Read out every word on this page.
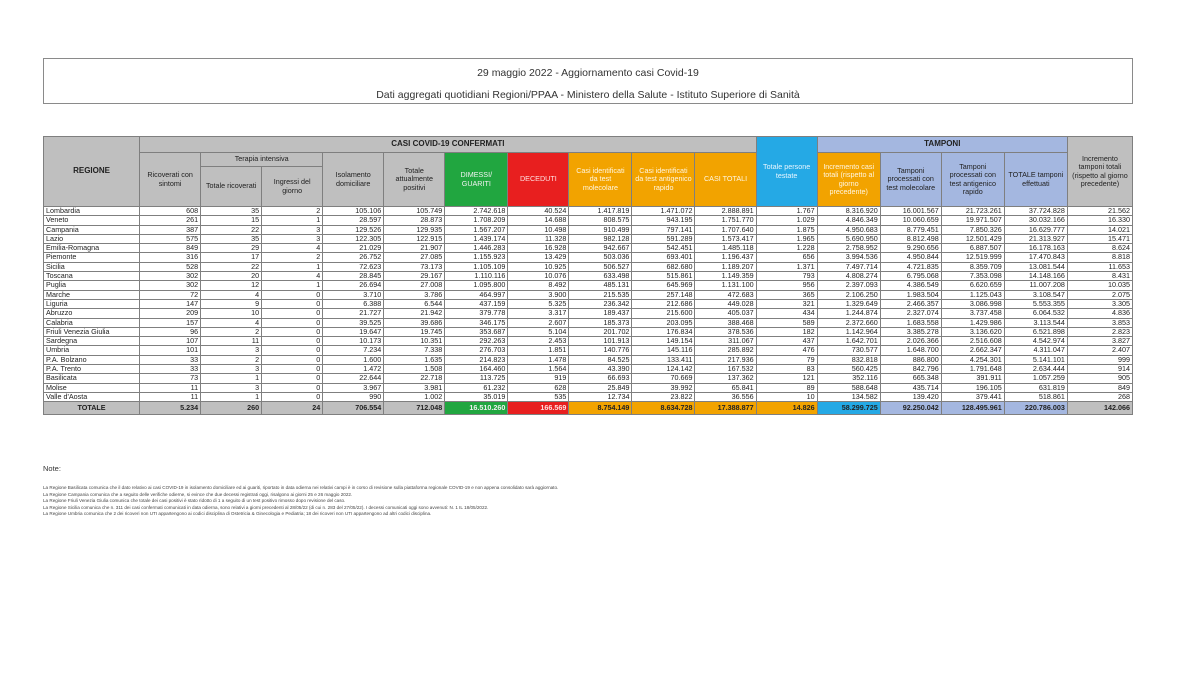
29 maggio 2022 - Aggiornamento casi Covid-19
Dati aggregati quotidiani Regioni/PPAA - Ministero della Salute - Istituto Superiore di Sanità
REGIONE	CASI COVID-19 CONFERMATI										Totale persone testate	TAMPONI				Incremento tamponi totali (rispetto al giorno precedente)
	Ricoverati con sintomi	Terapia intensiva		Isolamento domiciliare	Totale attualmente positivi	DIMESSI/ GUARITI	DECEDUTI	Casi identificati da test molecolare	Casi identificati da test antigenico rapido	CASI TOTALI		Incremento casi totali (rispetto al giorno precedente)	Tamponi processati con test molecolare	Tamponi processati con test antigenico rapido	TOTALE tamponi effettuati	
		Totale ricoverati	Ingressi del giorno													
Lombardia	608	35	2	105.106	105.749	2.742.618	40.524	1.417.819	1.471.072	2.888.891	1.767	8.316.920	16.001.567	21.723.261	37.724.828	21.562
Veneto	261	15	1	28.597	28.873	1.708.209	14.688	808.575	943.195	1.751.770	1.029	4.846.349	10.060.659	19.971.507	30.032.166	16.330
Campania	387	22	3	129.526	129.935	1.567.207	10.498	910.499	797.141	1.707.640	1.875	4.950.683	8.779.451	7.850.326	16.629.777	14.021
Lazio	575	35	3	122.305	122.915	1.439.174	11.328	982.128	591.289	1.573.417	1.965	5.690.950	8.812.498	12.501.429	21.313.927	15.471
Emilia-Romagna	849	29	4	21.029	21.907	1.446.283	16.928	942.667	542.451	1.485.118	1.228	2.758.952	9.290.656	6.887.507	16.178.163	8.624
Piemonte	316	17	2	26.752	27.085	1.155.923	13.429	503.036	693.401	1.196.437	656	3.994.536	4.950.844	12.519.999	17.470.843	8.818
Sicilia	528	22	1	72.623	73.173	1.105.109	10.925	506.527	682.680	1.189.207	1.371	7.497.714	4.721.835	8.359.709	13.081.544	11.653
Toscana	302	20	4	28.845	29.167	1.110.116	10.076	633.498	515.861	1.149.359	793	4.808.274	6.795.068	7.353.098	14.148.166	8.431
Puglia	302	12	1	26.694	27.008	1.095.800	8.492	485.131	645.969	1.131.100	956	2.397.093	4.386.549	6.620.659	11.007.208	10.035
Marche	72	4	0	3.710	3.786	464.997	3.900	215.535	257.148	472.683	365	2.106.250	1.983.504	1.125.043	3.108.547	2.075
Liguria	147	9	0	6.388	6.544	437.159	5.325	236.342	212.686	449.028	321	1.329.649	2.466.357	3.086.998	5.553.355	3.305
Abruzzo	209	10	0	21.727	21.942	379.778	3.317	189.437	215.600	405.037	434	1.244.874	2.327.074	3.737.458	6.064.532	4.836
Calabria	157	4	0	39.525	39.686	346.175	2.607	185.373	203.095	388.468	589	2.372.660	1.683.558	1.429.986	3.113.544	3.853
Friuli Venezia Giulia	96	2	0	19.647	19.745	353.687	5.104	201.702	176.834	378.536	182	1.142.964	3.385.278	3.136.620	6.521.898	2.823
Sardegna	107	11	0	10.173	10.351	292.263	2.453	101.913	149.154	311.067	437	1.642.701	2.026.366	2.516.608	4.542.974	3.827
Umbria	101	3	0	7.234	7.338	276.703	1.851	140.776	145.116	285.892	476	730.577	1.648.700	2.662.347	4.311.047	2.407
P.A. Bolzano	33	2	0	1.600	1.635	214.823	1.478	84.525	133.411	217.936	79	832.818	886.800	4.254.301	5.141.101	999
P.A. Trento	33	3	0	1.472	1.508	164.460	1.564	43.390	124.142	167.532	83	560.425	842.796	1.791.648	2.634.444	914
Basilicata	73	1	0	22.644	22.718	113.725	919	66.693	70.669	137.362	121	352.116	665.348	391.911	1.057.259	905
Molise	11	3	0	3.967	3.981	61.232	628	25.849	39.992	65.841	89	588.648	435.714	196.105	631.819	849
Valle d'Aosta	11	1	0	990	1.002	35.019	535	12.734	23.822	36.556	10	134.582	139.420	379.441	518.861	268
TOTALE	5.234	260	24	706.554	712.048	16.510.260	166.569	8.754.149	8.634.728	17.388.877	14.826	58.299.725	92.250.042	128.495.961	220.786.003	142.066
Note:
La Regione Basilicata comunica che il dato relativo ai casi COVID-19 in isolamento domiciliare ed ai guariti, riportato in data odierna nei relativi campi è in corso di revisione sulla piattaforma regionale COVID-19 e non appena consolidato sarà aggiornato.
La Regione Campania comunica che a seguito delle verifiche odierne, si evince che due decessi registrati oggi, risalgono ai giorni 25 e 26 maggio 2022.
La Regione Friuli Venezia Giulia comunica che totale dei casi positivi è stato ridotto di 1 a seguito di un test positivo rimosso dopo revisione del caso.
La Regione Sicilia comunica che n. 311 dei casi confermati comunicati in data odierna, sono relativi a giorni precedenti al 28/05/22 (di cui n. 283 del 27/05/22). I decessi comunicati oggi sono avvenuti: N. 1 IL 18/05/2022.
La Regione Umbria comunica che 2 dei ricoveri non UTI appartengono ai codici disciplina di Ostetricia & Ginecologia e Pediatria; 18 dei ricoveri non UTI appartengono ad altri codici disciplina.
